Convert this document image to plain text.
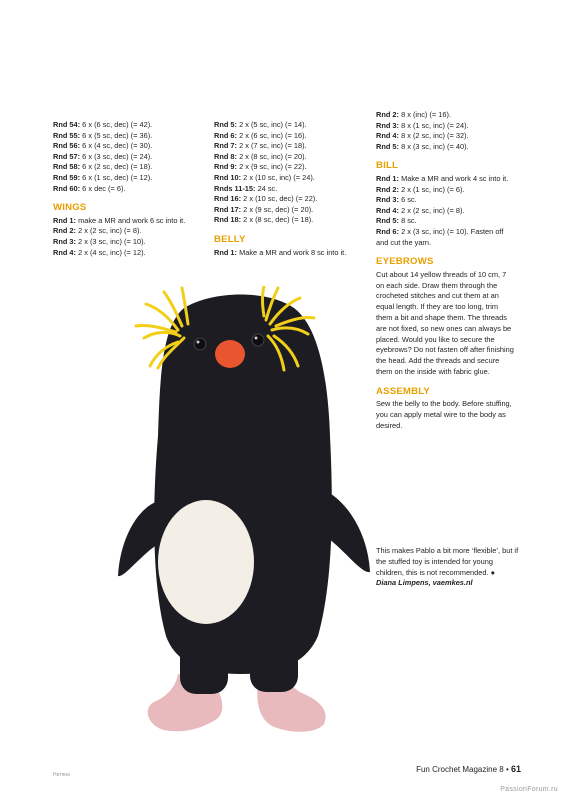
Rnd 54: 6 x (6 sc, dec) (= 42).

Rnd 55: 6 x (5 sc, dec) (= 36).

Rnd 56: 6 x (4 sc, dec) (= 30).

Rnd 57: 6 x (3 sc, dec) (= 24).

Rnd 58: 6 x (2 sc, dec) (= 18).

Rnd 59: 6 x (1 sc, dec) (= 12).

Rnd 60: 6 x dec (= 6).

WINGS

Rnd 1: make a MR and work 6 sc into it.

Rnd 2: 2 x (2 sc, inc) (= 8).

Rnd 3: 2 x (3 sc, inc) (= 10).

Rnd 4: 2 x (4 sc, inc) (= 12).

Rnd 5: 2 x (5 sc, inc) (= 14).

Rnd 6: 2 x (6 sc, inc) (= 16).

Rnd 7: 2 x (7 sc, inc) (= 18).

Rnd 8: 2 x (8 sc, inc) (= 20).

Rnd 9: 2 x (9 sc, inc) (= 22).

Rnd 10: 2 x (10 sc, inc) (= 24).

Rnds 11-15: 24 sc.

Rnd 16: 2 x (10 sc, dec) (= 22).

Rnd 17: 2 x (9 sc, dec) (= 20).

Rnd 18: 2 x (8 sc, dec) (= 18).

BELLY

Rnd 1: Make a MR and work 8 sc into it.

Rnd 2: 8 x (inc) (= 16).

Rnd 3: 8 x (1 sc, inc) (= 24).

Rnd 4: 8 x (2 sc, inc) (= 32).

Rnd 5: 8 x (3 sc, inc) (= 40).

BILL

Rnd 1: Make a MR and work 4 sc into it.

Rnd 2: 2 x (1 sc, inc) (= 6).

Rnd 3: 6 sc.

Rnd 4: 2 x (2 sc, inc) (= 8).

Rnd 5: 8 sc.

Rnd 6: 2 x (3 sc, inc) (= 10). Fasten off and cut the yarn.

EYEBROWS

Cut about 14 yellow threads of 10 cm, 7 on each side. Draw them through the crocheted stitches and cut them at an equal length. If they are too long, trim them a bit and shape them. The threads are not fixed, so new ones can always be placed. Would you like to secure the eyebrows? Do not fasten off after finishing the head. Add the threads and secure them on the inside with fabric glue.

ASSEMBLY

Sew the belly to the body. Before stuffing, you can apply metal wire to the body as desired.

This makes Pablo a bit more ‘flexible’, but if the stuffed toy is intended for young children, this is not recommended. ●

Diana Limpens, vaemkes.nl

Нитяна
Fun Crochet Magazine 8 • 61
PassionForum.ru
